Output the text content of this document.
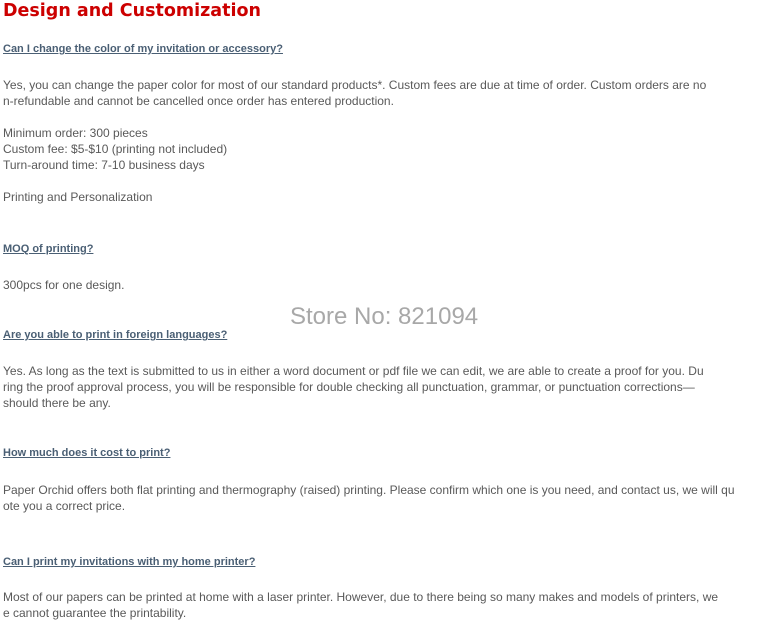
Design and Customization
Can I change the color of my invitation or accessory?

Yes, you can change the paper color for most of our standard products*. Custom fees are due at time of order. Custom orders are no
n-refundable and cannot be cancelled once order has entered production.

Minimum order: 300 pieces
Custom fee: $5-$10 (printing not included)
Turn-around time: 7-10 business days

Printing and Personalization

MOQ of printing?

300pcs for one design.

Store No: 821094
Are you able to print in foreign languages?

Yes. As long as the text is submitted to us in either a word document or pdf file we can edit, we are able to create a proof for you. Du
ring the proof approval process, you will be responsible for double checking all punctuation, grammar, or punctuation corrections—
should there be any.

How much does it cost to print?

Paper Orchid offers both flat printing and thermography (raised) printing. Please confirm which one is you need, and contact us, we will qu
ote you a correct price.

Can I print my invitations with my home printer?

Most of our papers can be printed at home with a laser printer. However, due to there being so many makes and models of printers, we
e cannot guarantee the printability.
